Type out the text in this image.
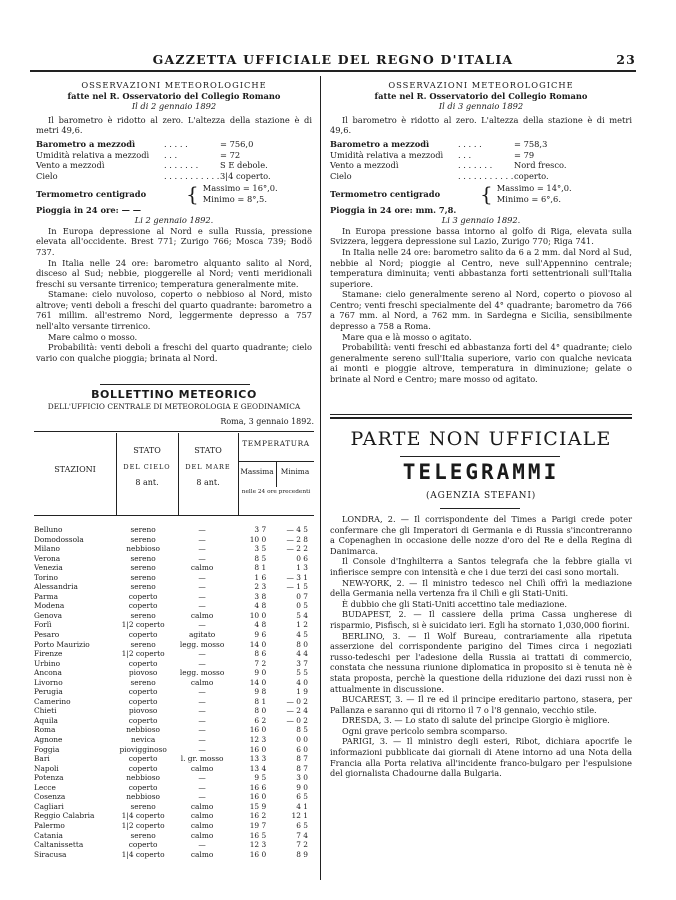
GAZZETTA UFFICIALE DEL REGNO D'ITALIA	23
OSSERVAZIONI METEOROLOGICHE
fatte nel R. Osservatorio del Collegio Romano
Il di 2 gennaio 1892
Il barometro è ridotto al zero. L'altezza della stazione è di metri 49,6.
Barometro a mezzodì	. . . . .	= 756,0
Umidità relativa a mezzodì	. . .	= 72
Vento a mezzodì	. . . . . . .	S E debole.
Cielo	. . . . . . . . . . . 3|4 coperto.
Termometro centigrado	{ Massimo = 16°,0.
Minimo = 8°,5.
Pioggia in 24 ore: — —
Li 2 gennaio 1892.

In Europa depressione al Nord e sulla Russia, pressione elevata all'occidente. Brest 771; Zurigo 766; Mosca 739; Bodö 737.

In Italia nelle 24 ore: barometro alquanto salito al Nord, disceso al Sud; nebbie, pioggerelle al Nord; venti meridionali freschi su versante tirrenico; temperatura generalmente mite.

Stamane: cielo nuvoloso, coperto o nebbioso al Nord, misto altrove; venti deboli a freschi del quarto quadrante: barometro a 761 millim. all'estremo Nord, leggermente depresso a 757 nell'alto versante tirrenico.

Mare calmo o mosso.

Probabilità: venti deboli a freschi del quarto quadrante; cielo vario con qualche pioggia; brinata al Nord.

BOLLETTINO METEORICO
DELL'UFFICIO CENTRALE DI METEOROLOGIA E GEODINAMICA
Roma, 3 gennaio 1892.
STAZIONI
STATO
DEL CIELO
8 ant.
STATO
DEL MARE
8 ant.
TEMPERATURA
Massima Minima
nelle 24 ore precedenti
Belluno	sereno	—	3 7	— 4 5
Domodossola	sereno	—	10 0	— 2 8
Milano	nebbioso	—	3 5	— 2 2
Verona	sereno	—	8 5	0 6
Venezia	sereno	calmo	8 1	1 3
Torino	sereno	—	1 6	— 3 1
Alessandria	sereno	—	2 3	— 1 5
Parma	coperto	—	3 8	0 7
Modena	coperto	—	4 8	0 5
Genova	sereno	calmo	10 0	5 4
Forlì	1|2 coperto	—	4 8	1 2
Pesaro	coperto	agitato	9 6	4 5
Porto Maurizio	sereno	legg. mosso	14 0	8 0
Firenze	1|2 coperto	—	8 6	4 4
Urbino	coperto	—	7 2	3 7
Ancona	piovoso	legg. mosso	9 0	5 5
Livorno	sereno	calmo	14 0	4 0
Perugia	coperto	—	9 8	1 9
Camerino	coperto	—	8 1	— 0 2
Chieti	piovoso	—	8 0	— 2 4
Aquila	coperto	—	6 2	— 0 2
Roma	nebbioso	—	16 0	8 5
Agnone	nevica	—	12 3	0 0
Foggia	piovigginoso	—	16 0	6 0
Bari	coperto	l. gr. mosso	13 3	8 7
Napoli	coperto	calmo	13 4	8 7
Potenza	nebbioso	—	9 5	3 0
Lecce	coperto	—	16 6	9 0
Cosenza	nebbioso	—	16 0	6 5
Cagliari	sereno	calmo	15 9	4 1
Reggio Calabria	1|4 coperto	calmo	16 2	12 1
Palermo	1|2 coperto	calmo	19 7	6 5
Catania	sereno	calmo	16 5	7 4
Caltanissetta	coperto	—	12 3	7 2
Siracusa	1|4 coperto	calmo	16 0	8 9
OSSERVAZIONI METEOROLOGICHE
fatte nel R. Osservatorio del Collegio Romano
Il di 3 gennaio 1892
Il barometro è ridotto al zero. L'altezza della stazione è di metri 49,6.
Barometro a mezzodì	. . . . .	= 758,3
Umidità relativa a mezzodì	. . .	= 79
Vento a mezzodì	. . . . . . .	Nord fresco.
Cielo	. . . . . . . . . . . coperto.
Termometro centigrado	{ Massimo = 14°,0.
Minimo = 6°,6.
Pioggia in 24 ore: mm. 7,8.
Li 3 gennaio 1892.

In Europa pressione bassa intorno al golfo di Riga, elevata sulla Svizzera, leggera depressione sul Lazio, Zurigo 770; Riga 741.

In Italia nelle 24 ore: barometro salito da 6 a 2 mm. dal Nord al Sud, nebbie al Nord; pioggie al Centro, neve sull'Appennino centrale; temperatura diminuita; venti abbastanza forti settentrionali sull'Italia superiore.

Stamane: cielo generalmente sereno al Nord, coperto o piovoso al Centro; venti freschi specialmente del 4° quadrante; barometro da 766 a 767 mm. al Nord, a 762 mm. in Sardegna e Sicilia, sensibilmente depresso a 758 a Roma.

Mare qua e là mosso o agitato.

Probabilità: venti freschi ed abbastanza forti del 4° quadrante; cielo generalmente sereno sull'Italia superiore, vario con qualche nevicata ai monti e pioggie altrove, temperatura in diminuzione; gelate o brinate al Nord e Centro; mare mosso od agitato.

PARTE NON UFFICIALE
TELEGRAMMI
(AGENZIA STEFANI)

LONDRA, 2. — Il corrispondente del Times a Parigi crede poter confermare che gli Imperatori di Germania e di Russia s'incontreranno a Copenaghen in occasione delle nozze d'oro del Re e della Regina di Danimarca.

Il Console d'Inghilterra a Santos telegrafa che la febbre gialla vi infierisce sempre con intensità e che i due terzi dei casi sono mortali.

NEW-YORK, 2. — Il ministro tedesco nel Chilì offrì la mediazione della Germania nella vertenza fra il Chilì e gli Stati-Uniti.

È dubbio che gli Stati-Uniti accettino tale mediazione.

BUDAPEST, 2. — Il cassiere della prima Cassa ungherese di risparmio, Pisfisch, si è suicidato ieri. Egli ha stornato 1,030,000 fiorini.

BERLINO, 3. — Il Wolf Bureau, contrariamente alla ripetuta asserzione del corrispondente parigino del Times circa i negoziati russo-tedeschi per l'adesione della Russia ai trattati di commercio, constata che nessuna riunione diplomatica in proposito si è tenuta nè è stata proposta, perchè la questione della riduzione dei dazi russi non è attualmente in discussione.

BUCAREST, 3. — Il re ed il principe ereditario partono, stasera, per Pallanza e saranno qui di ritorno il 7 o l'8 gennaio, vecchio stile.

DRESDA, 3. — Lo stato di salute del principe Giorgio è migliore.

Ogni grave pericolo sembra scomparso.

PARIGI, 3. — Il ministro degli esteri, Ribot, dichiara apocrife le informazioni pubblicate dai giornali di Atene intorno ad una Nota della Francia alla Porta relativa all'incidente franco-bulgaro per l'espulsione del giornalista Chadourne dalla Bulgaria.
